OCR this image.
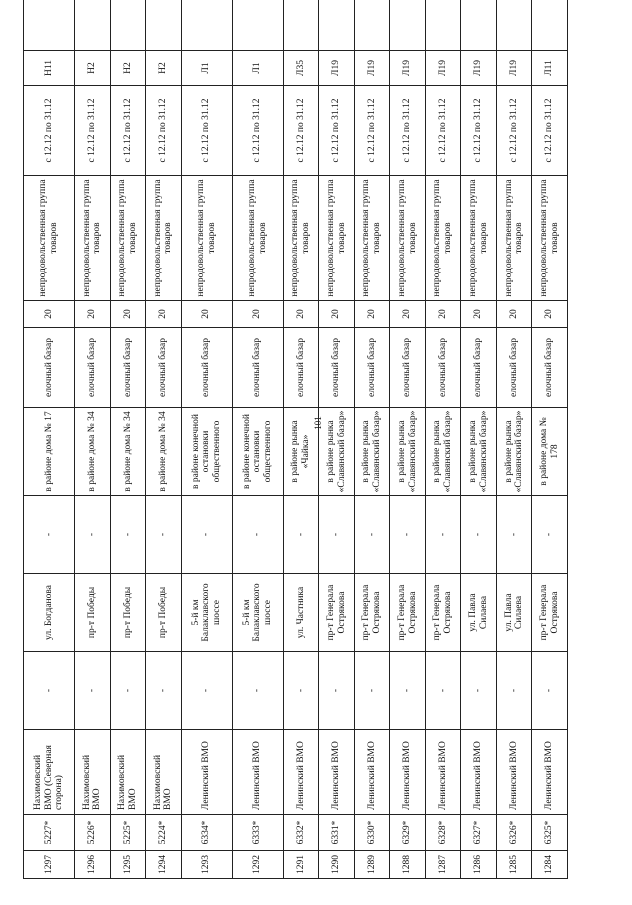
101
1297	5227*	Нахимовский ВМО (Северная сторона)	-	ул. Богданова	-	в районе дома № 17	елочный базар	20	непродовольственная группа товаров	с 12.12 по 31.12	Н11	
1296	5226*	Нахимовский ВМО	-	пр-т Победы	-	в районе дома № 34	елочный базар	20	непродовольственная группа товаров	с 12.12 по 31.12	Н2	
1295	5225*	Нахимовский ВМО	-	пр-т Победы	-	в районе дома № 34	елочный базар	20	непродовольственная группа товаров	с 12.12 по 31.12	Н2	
1294	5224*	Нахимовский ВМО	-	пр-т Победы	-	в районе дома № 34	елочный базар	20	непродовольственная группа товаров	с 12.12 по 31.12	Н2	
1293	6334*	Ленинский ВМО	-	5-й км Балаклавского шоссе	-	в районе конечной остановки общественного	елочный базар	20	непродовольственная группа товаров	с 12.12 по 31.12	Л1	
1292	6333*	Ленинский ВМО	-	5-й км Балаклавского шоссе	-	в районе конечной остановки общественного	елочный базар	20	непродовольственная группа товаров	с 12.12 по 31.12	Л1	
1291	6332*	Ленинский ВМО	-	ул. Частника	-	в районе рынка «Чайка»	елочный базар	20	непродовольственная группа товаров	с 12.12 по 31.12	Л35	
1290	6331*	Ленинский ВМО	-	пр-т Генерала Острякова	-	в районе рынка «Славянский базар»	елочный базар	20	непродовольственная группа товаров	с 12.12 по 31.12	Л19	
1289	6330*	Ленинский ВМО	-	пр-т Генерала Острякова	-	в районе рынка «Славянский базар»	елочный базар	20	непродовольственная группа товаров	с 12.12 по 31.12	Л19	
1288	6329*	Ленинский ВМО	-	пр-т Генерала Острякова	-	в районе рынка «Славянский базар»	елочный базар	20	непродовольственная группа товаров	с 12.12 по 31.12	Л19	
1287	6328*	Ленинский ВМО	-	пр-т Генерала Острякова	-	в районе рынка «Славянский базар»	елочный базар	20	непродовольственная группа товаров	с 12.12 по 31.12	Л19	
1286	6327*	Ленинский ВМО	-	ул. Павла Силаева	-	в районе рынка «Славянский базар»	елочный базар	20	непродовольственная группа товаров	с 12.12 по 31.12	Л19	
1285	6326*	Ленинский ВМО	-	ул. Павла Силаева	-	в районе рынка «Славянский базар»	елочный базар	20	непродовольственная группа товаров	с 12.12 по 31.12	Л19	
1284	6325*	Ленинский ВМО	-	пр-т Генерала Острякова	-	в районе дома № 178	елочный базар	20	непродовольственная группа товаров	с 12.12 по 31.12	Л11	
